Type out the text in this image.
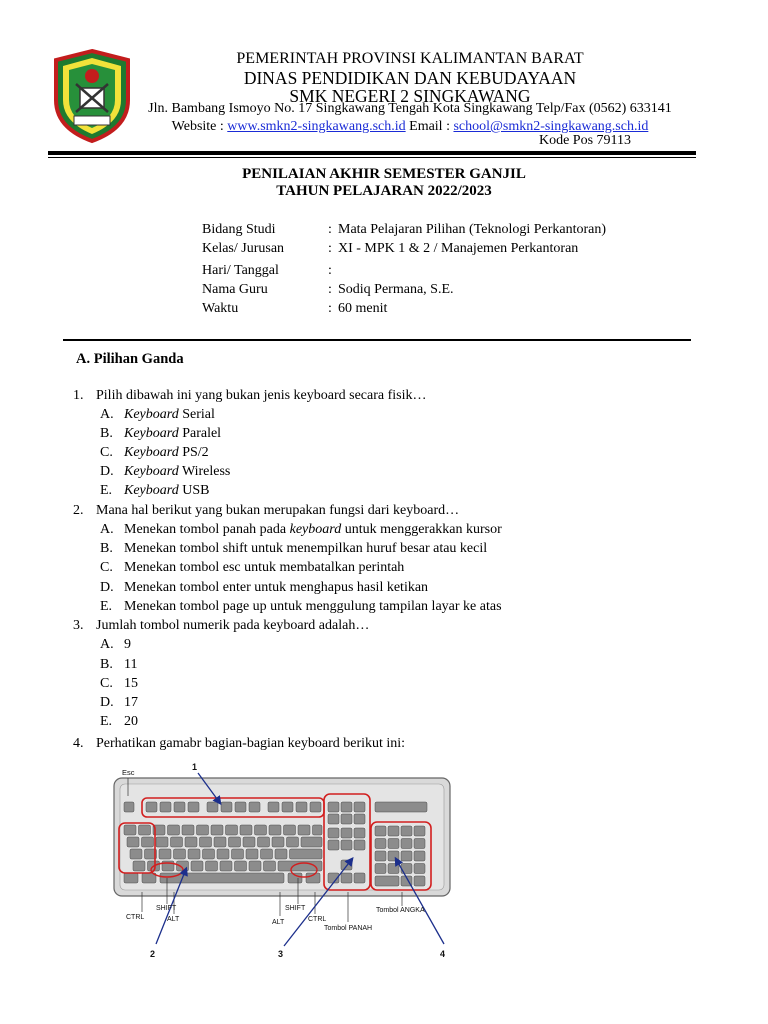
PEMERINTAH PROVINSI KALIMANTAN BARAT
DINAS PENDIDIKAN DAN KEBUDAYAAN
SMK NEGERI 2 SINGKAWANG
Jln. Bambang Ismoyo No. 17 Singkawang Tengah Kota Singkawang Telp/Fax (0562) 633141
Website : www.smkn2-singkawang.sch.id Email : school@smkn2-singkawang.sch.id
Kode Pos 79113
PENILAIAN AKHIR SEMESTER GANJIL
TAHUN PELAJARAN 2022/2023
Bidang Studi	: Mata Pelajaran Pilihan (Teknologi Perkantoran)
Kelas/ Jurusan	: XI - MPK 1 & 2 / Manajemen Perkantoran
Hari/ Tanggal	:
Nama Guru	: Sodiq Permana, S.E.
Waktu	: 60 menit
A. Pilihan Ganda
1. Pilih dibawah ini yang bukan jenis keyboard secara fisik…
A. Keyboard Serial
B. Keyboard Paralel
C. Keyboard PS/2
D. Keyboard Wireless
E. Keyboard USB
2. Mana hal berikut yang bukan merupakan fungsi dari keyboard…
A. Menekan tombol panah pada keyboard untuk menggerakkan kursor
B. Menekan tombol shift untuk menempilkan huruf besar atau kecil
C. Menekan tombol esc untuk membatalkan perintah
D. Menekan tombol enter untuk menghapus hasil ketikan
E. Menekan tombol page up untuk menggulung tampilan layar ke atas
3. Jumlah tombol numerik pada keyboard adalah…
A. 9
B. 11
C. 15
D. 17
E. 20
4. Perhatikan gamabr bagian-bagian keyboard berikut ini:
Esc
1
SHIFT
CTRL	ALT	ALT
SHIFT
CTRL
Tombol PANAH
Tombol ANGKA
2	3	4
